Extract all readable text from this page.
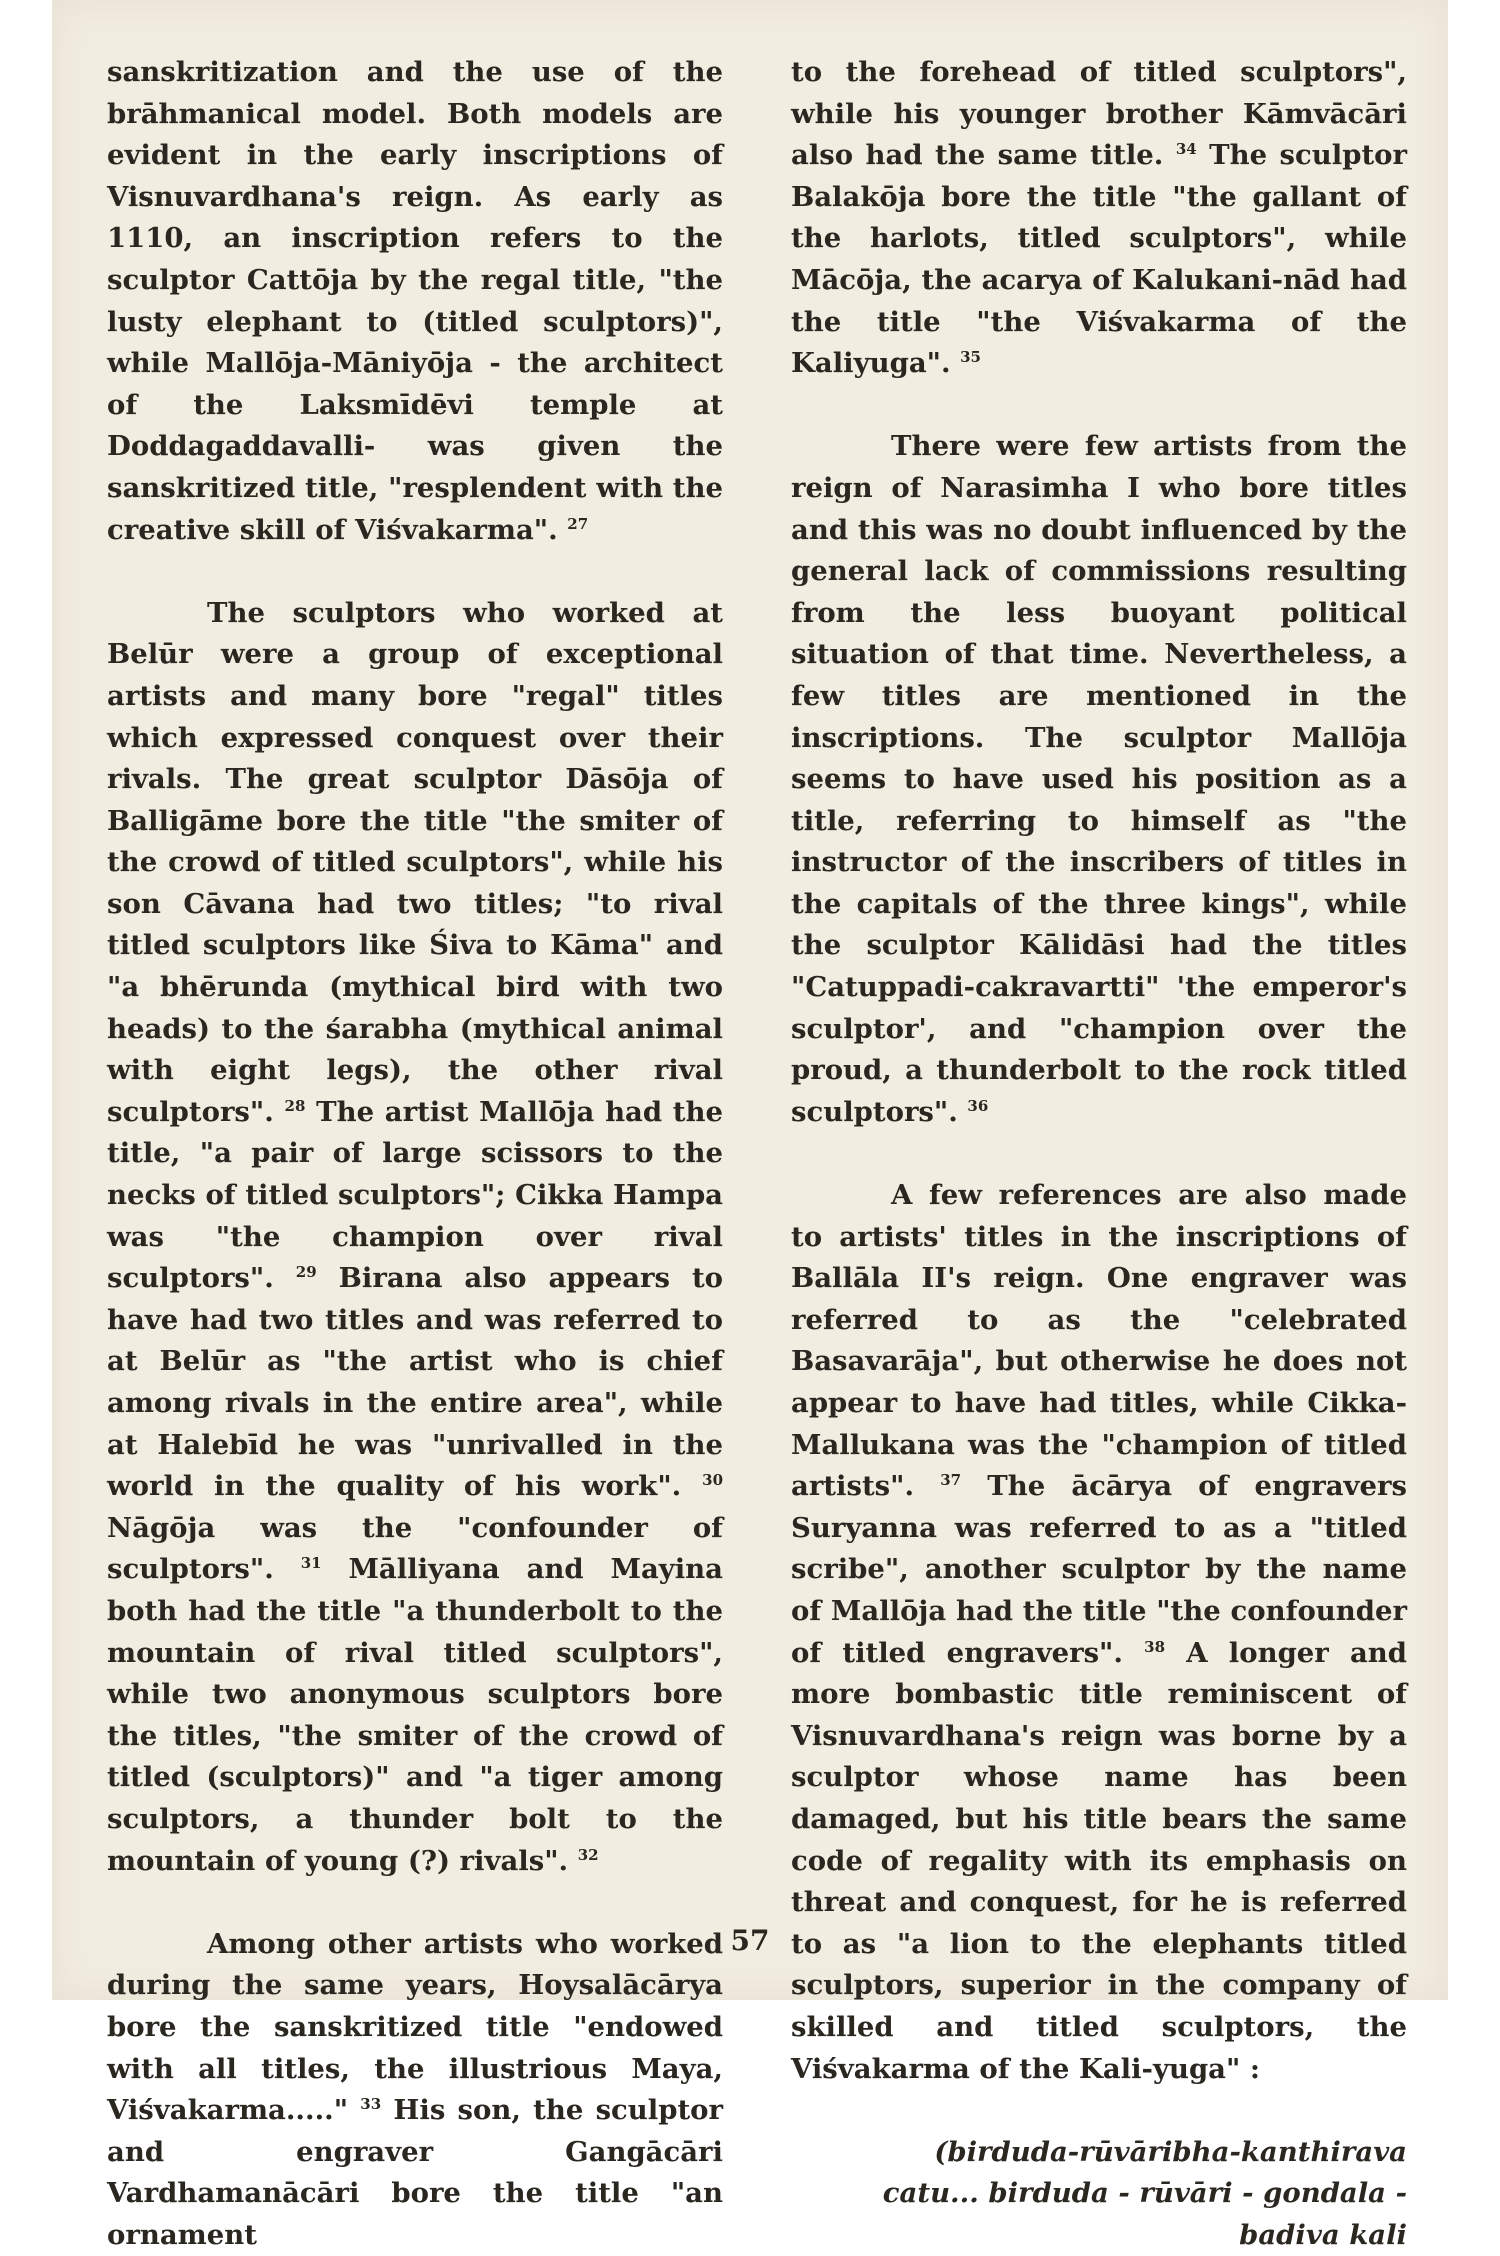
sanskritization and the use of the brāhmanical model. Both models are evident in the early inscriptions of Visnuvardhana's reign. As early as 1110, an inscription refers to the sculptor Cattōja by the regal title, "the lusty elephant to (titled sculptors)", while Mallōja-Māniyōja - the architect of the Laksmīdēvi temple at Doddagaddavalli- was given the sanskritized title, "resplendent with the creative skill of Viśvakarma". $^{27}$

The sculptors who worked at Belūr were a group of exceptional artists and many bore "regal" titles which expressed conquest over their rivals. The great sculptor Dāsōja of Balligāme bore the title "the smiter of the crowd of titled sculptors", while his son Cāvana had two titles; "to rival titled sculptors like Śiva to Kāma" and "a bhērunda (mythical bird with two heads) to the śarabha (mythical animal with eight legs), the other rival sculptors". $^{28}$ The artist Mallōja had the title, "a pair of large scissors to the necks of titled sculptors"; Cikka Hampa was "the champion over rival sculptors". $^{29}$ Birana also appears to have had two titles and was referred to at Belūr as "the artist who is chief among rivals in the entire area", while at Halebīd he was "unrivalled in the world in the quality of his work". $^{30}$ Nāgōja was the "confounder of sculptors". $^{31}$ Mālliyana and Mayina both had the title "a thunderbolt to the mountain of rival titled sculptors", while two anonymous sculptors bore the titles, "the smiter of the crowd of titled (sculptors)" and "a tiger among sculptors, a thunder bolt to the mountain of young (?) rivals". $^{32}$

Among other artists who worked during the same years, Hoysalācārya bore the sanskritized title "endowed with all titles, the illustrious Maya, Viśvakarma....." $^{33}$ His son, the sculptor and engraver Gangācāri Vardhamanācāri bore the title "an ornament

to the forehead of titled sculptors", while his younger brother Kāmvācāri also had the same title. $^{34}$ The sculptor Balakōja bore the title "the gallant of the harlots, titled sculptors", while Mācōja, the acarya of Kalukani-nād had the title "the Viśvakarma of the Kaliyuga". $^{35}$

There were few artists from the reign of Narasimha I who bore titles and this was no doubt influenced by the general lack of commissions resulting from the less buoyant political situation of that time. Nevertheless, a few titles are mentioned in the inscriptions. The sculptor Mallōja seems to have used his position as a title, referring to himself as "the instructor of the inscribers of titles in the capitals of the three kings", while the sculptor Kālidāsi had the titles "Catuppadi-cakravartti" 'the emperor's sculptor', and "champion over the proud, a thunderbolt to the rock titled sculptors". $^{36}$

A few references are also made to artists' titles in the inscriptions of Ballāla II's reign. One engraver was referred to as the "celebrated Basavarāja", but otherwise he does not appear to have had titles, while Cikka-Mallukana was the "champion of titled artists". $^{37}$ The ācārya of engravers Suryanna was referred to as a "titled scribe", another sculptor by the name of Mallōja had the title "the confounder of titled engravers". $^{38}$ A longer and more bombastic title reminiscent of Visnuvardhana's reign was borne by a sculptor whose name has been damaged, but his title bears the same code of regality with its emphasis on threat and conquest, for he is referred to as "a lion to the elephants titled sculptors, superior in the company of skilled and titled sculptors, the Viśvakarma of the Kali-yuga" :

(birduda-rūvāribha-kanthirava

catu... birduda - rūvāri - gondala - badiva kali

57
